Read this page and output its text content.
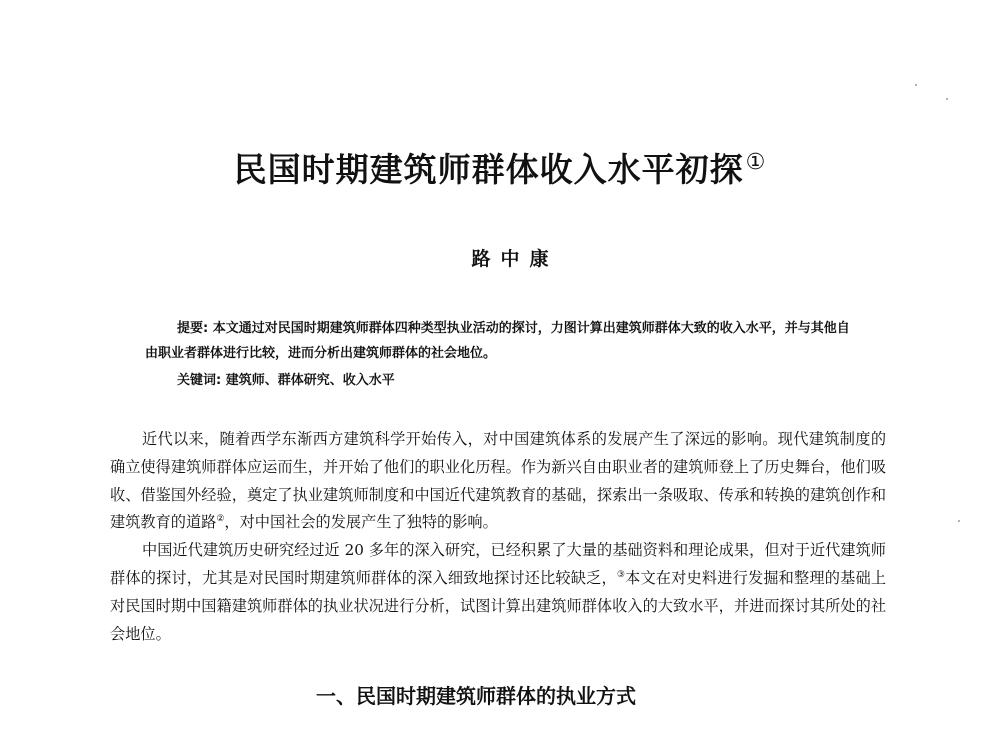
民国时期建筑师群体收入水平初探①
路中康
提要: 本文通过对民国时期建筑师群体四种类型执业活动的探讨，力图计算出建筑师群体大致的收入水平，并与其他自由职业者群体进行比较，进而分析出建筑师群体的社会地位。
关键词: 建筑师、群体研究、收入水平

近代以来，随着西学东渐西方建筑科学开始传入，对中国建筑体系的发展产生了深远的影响。现代建筑制度的确立使得建筑师群体应运而生，并开始了他们的职业化历程。作为新兴自由职业者的建筑师登上了历史舞台，他们吸收、借鉴国外经验，奠定了执业建筑师制度和中国近代建筑教育的基础，探索出一条吸取、传承和转换的建筑创作和建筑教育的道路②，对中国社会的发展产生了独特的影响。

中国近代建筑历史研究经过近 20 多年的深入研究，已经积累了大量的基础资料和理论成果，但对于近代建筑师群体的探讨，尤其是对民国时期建筑师群体的深入细致地探讨还比较缺乏，③本文在对史料进行发掘和整理的基础上对民国时期中国籍建筑师群体的执业状况进行分析，试图计算出建筑师群体收入的大致水平，并进而探讨其所处的社会地位。

一、民国时期建筑师群体的执业方式
